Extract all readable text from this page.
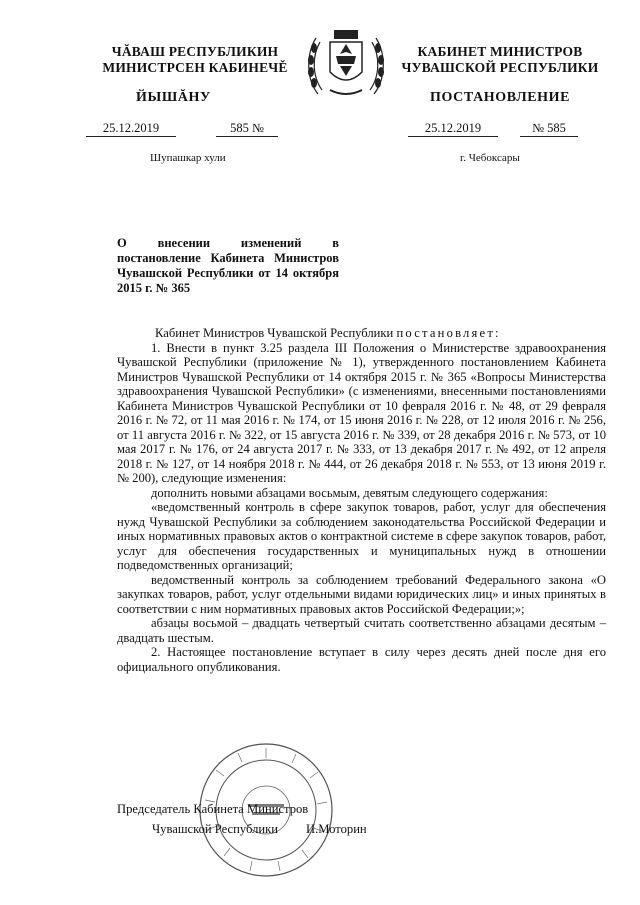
ЧĂВАШ РЕСПУБЛИКИН
МИНИСТРСЕН КАБИНЕЧĚ
КАБИНЕТ МИНИСТРОВ
ЧУВАШСКОЙ РЕСПУБЛИКИ
ЙЫШĂНУ	ПОСТАНОВЛЕНИЕ
25.12.2019	585 №	25.12.2019	№ 585
Шупашкар хули	г. Чебоксары
О внесении изменений в постановление Кабинета Министров Чувашской Республики от 14 октября 2015 г. № 365

Кабинет Министров Чувашской Республики постановляет:

1. Внести в пункт 3.25 раздела III Положения о Министерстве здравоохранения Чувашской Республики (приложение № 1), утвержденного постановлением Кабинета Министров Чувашской Республики от 14 октября 2015 г. № 365 «Вопросы Министерства здравоохранения Чувашской Республики» (с изменениями, внесенными постановлениями Кабинета Министров Чувашской Республики от 10 февраля 2016 г. № 48, от 29 февраля 2016 г. № 72, от 11 мая 2016 г. № 174, от 15 июня 2016 г. № 228, от 12 июля 2016 г. № 256, от 11 августа 2016 г. № 322, от 15 августа 2016 г. № 339, от 28 декабря 2016 г. № 573, от 10 мая 2017 г. № 176, от 24 августа 2017 г. № 333, от 13 декабря 2017 г. № 492, от 12 апреля 2018 г. № 127, от 14 ноября 2018 г. № 444, от 26 декабря 2018 г. № 553, от 13 июня 2019 г. № 200), следующие изменения:

дополнить новыми абзацами восьмым, девятым следующего содержания:

«ведомственный контроль в сфере закупок товаров, работ, услуг для обеспечения нужд Чувашской Республики за соблюдением законодательства Российской Федерации и иных нормативных правовых актов о контрактной системе в сфере закупок товаров, работ, услуг для обеспечения государственных и муниципальных нужд в отношении подведомственных организаций;

ведомственный контроль за соблюдением требований Федерального закона «О закупках товаров, работ, услуг отдельными видами юридических лиц» и иных принятых в соответствии с ним нормативных правовых актов Российской Федерации;»;

абзацы восьмой – двадцать четвертый считать соответственно абзацами десятым – двадцать шестым.

2. Настоящее постановление вступает в силу через десять дней после дня его официального опубликования.

Председатель Кабинета Министров
Чувашской Республики И.Моторин
